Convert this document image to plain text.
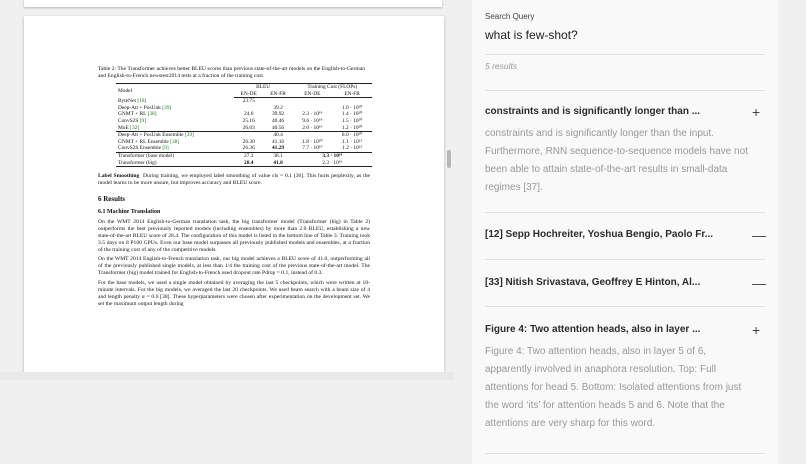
Table 2: The Transformer achieves better BLEU scores than previous state-of-the-art models on the English-to-German and English-to-French newstest2014 tests at a fraction of the training cost.
Model	BLEU		Training Cost (FLOPs)	
	EN-DE	EN-FR	EN-DE	EN-FR
ByteNet [18]	23.75			
Deep-Att + PosUnk [39]		39.2		1.0 · 10²⁰
GNMT + RL [38]	24.6	39.92	2.3 · 10¹⁹	1.4 · 10²⁰
ConvS2S [9]	25.16	40.46	9.6 · 10¹⁸	1.5 · 10²⁰
MoE [32]	26.03	40.56	2.0 · 10¹⁹	1.2 · 10²⁰
Deep-Att + PosUnk Ensemble [39]		40.4		8.0 · 10²⁰
GNMT + RL Ensemble [38]	26.30	41.16	1.8 · 10²⁰	1.1 · 10²¹
ConvS2S Ensemble [9]	26.36	41.29	7.7 · 10¹⁹	1.2 · 10²¹
Transformer (base model)	27.3	38.1	3.3 · 10¹⁸	
Transformer (big)	28.4	41.8	2.3 · 10¹⁹	
Label Smoothing During training, we employed label smoothing of value εls = 0.1 [36]. This hurts perplexity, as the model learns to be more unsure, but improves accuracy and BLEU score.
6 Results
6.1 Machine Translation
On the WMT 2014 English-to-German translation task, the big transformer model (Transformer (big) in Table 2) outperforms the best previously reported models (including ensembles) by more than 2.0 BLEU, establishing a new state-of-the-art BLEU score of 28.4. The configuration of this model is listed in the bottom line of Table 3. Training took 3.5 days on 8 P100 GPUs. Even our base model surpasses all previously published models and ensembles, at a fraction of the training cost of any of the competitive models.
On the WMT 2014 English-to-French translation task, our big model achieves a BLEU score of 41.0, outperforming all of the previously published single models, at less than 1/4 the training cost of the previous state-of-the-art model. The Transformer (big) model trained for English-to-French used dropout rate Pdrop = 0.1, instead of 0.3.
For the base models, we used a single model obtained by averaging the last 5 checkpoints, which were written at 10-minute intervals. For the big models, we averaged the last 20 checkpoints. We used beam search with a beam size of 4 and length penalty α = 0.6 [38]. These hyperparameters were chosen after experimentation on the development set. We set the maximum output length during
Search Query
what is few-shot?
5 results
constraints and is significantly longer than ...	+
constraints and is significantly longer than the input. Furthermore, RNN sequence-to-sequence models have not been able to attain state-of-the-art results in small-data regimes [37].
[12] Sepp Hochreiter, Yoshua Bengio, Paolo Fr...	—
[33] Nitish Srivastava, Geoffrey E Hinton, Al...	—
Figure 4: Two attention heads, also in layer ...	+
Figure 4: Two attention heads, also in layer 5 of 6, apparently involved in anaphora resolution. Top: Full attentions for head 5. Bottom: Isolated attentions from just the word ‘its’ for attention heads 5 and 6. Note that the attentions are very sharp for this word.
